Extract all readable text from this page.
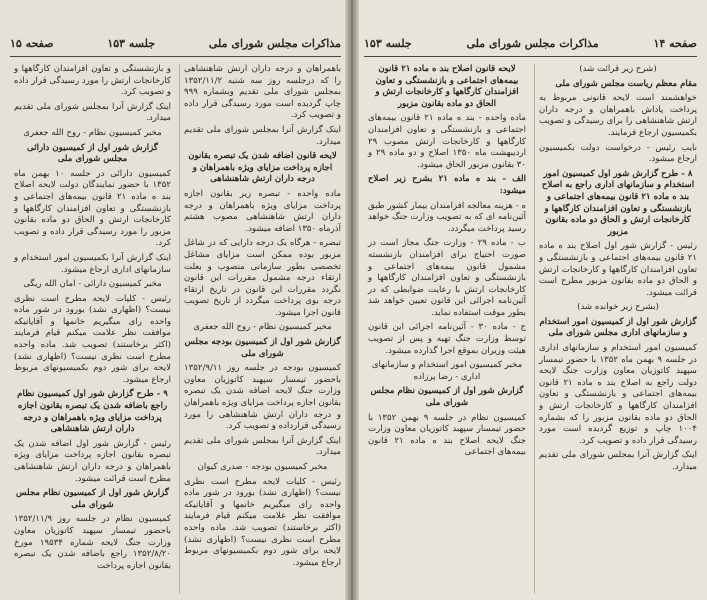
مذاکرات مجلس شورای ملی
جلسه ۱۵۳
صفحه ۱۵

باهمراهان و درجه داران ارتش شاهنشاهی را که درجلسه روز سه شنبه ۱۳۵۲/۱۱/۲ بمجلس شورای ملی تقدیم وبشماره ۹۹۹ چاپ گردیده است مورد رسیدگی قرار داده و تصویب کرد.

اینک گزارش آنرا بمجلس شورای ملی تقدیم میدارد.

لایحه قانون اضافه شدن یک تبصره بقانون اجازه پرداخت مزایای ویژه باهمراهان و درجه داران ارتش شاهنشاهی

ماده واحده - تبصره زیر بقانون اجازه پرداخت مزایای ویژه باهمراهان و درجه داران ارتش شاهنشاهی مصوب هشتم آذرماه ۱۳۵۰ اضافه میشود.

تبصره - هرگاه یک درجه دارایی که در شاغل مزبور بوده ممکن است مزایای مشاغل تخصصی بطور سازمانی منصوب و بعلت ارتقاء درجه مشمول مقررات این قانون نگردد مقررات این قانون در تاریخ ارتقاء درجه بوی پرداخت میگردد از تاریخ تصویب قانون اجرا میشود.

مخبر کمیسیون نظام - روح الله جعفری

گزارش شور اول از کمیسیون بودجه مجلس شورای ملی

کمیسیون بودجه در جلسه روز ۱۳۵۲/۹/۱۱ باحضور تیمسار سپهبد کاتوزیان معاون وزارت جنگ لایحه اضافه شدن یک تبصره بقانون اجازه پرداخت مزایای ویژه باهمراهان و درجه داران ارتش شاهنشاهی را مورد رسیدگی قرارداده و تصویب کرد.

اینک گزارش آنرا بمجلس شورای ملی تقدیم میدارد.

مخبر کمیسیون بودجه - صدری کیوان

رئیس - کلیات لایحه مطرح است نظری نیست؟ (اظهاری نشد) بورود در شور ماده واحده رای میگیریم خانمها و آقایانیکه موافقت نظر علامت میکنم قیام فرمایند (اکثر برخاستند) تصویب شد. ماده واحده مطرح است نظری نیست؟ (اظهاری نشد) لایحه برای شور دوم بکمیسیونهای مربوط ارجاع میشود.

و بازنشستگی و تعاون افزامندان کارگاهها و کارخانجات ارتش را مورد رسیدگی قرار داده و تصویب کرد.

اینک گزارش آنرا بمجلس شورای ملی تقدیم میدارد.

مخبر کمیسیون نظام - روح الله جعفری

گزارش شور اول از کمیسیون دارائی مجلس شورای ملی

کمیسیون دارائی در جلسه ۱۰ بهمن ماه ۱۳۵۲ با حضور نمایندگان دولت لایحه اصلاح بند ه ماده ۲۱ قانون بیمه‌های اجتماعی و بازنشستگی و تعاون افزامندان کارگاهها و کارخانجات ارتش و الحاق دو ماده بقانون مزبور را مورد رسیدگی قرار داده و تصویب کرد.

اینک گزارش آنرا بکمیسیون امور استخدام و سازمانهای اداری ارجاع میشود.

مخبر کمیسیون دارائی - امان الله ریگی

رئیس - کلیات لایحه مطرح است نظری نیست؟ (اظهاری نشد) بورود در شور ماده واحده رای میگیریم خانمها و آقایانیکه موافقت نظر علامت میکنم قیام فرمایند (اکثر برخاستند) تصویب شد. ماده واحده مطرح است نظری نیست؟ (اظهاری نشد) لایحه برای شور دوم بکمیسیونهای مربوط ارجاع میشود.

۹ - طرح گزارش شور اول کمیسیون نظام راجع باضافه شدن یک تبصره بقانون اجازه پرداخت مزایای ویژه باهمراهان و درجه داران ارتش شاهنشاهی

رئیس - گزارش شور اول اضافه شدن یک تبصره بقانون اجازه پرداخت مزایای ویژه باهمراهان و درجه داران ارتش شاهنشاهی مطرح است قرائت میشود.

گزارش شور اول از کمیسیون نظام مجلس شورای ملی

کمیسیون نظام در جلسه روز ۱۳۵۲/۱۱/۹ باحضور تیمسار سپهبد کاتوزیان معاون وزارت جنگ لایحه شماره ۱۹۵۳۴ مورخ ۱۳۵۲/۸/۲۰ راجع باضافه شدن یک تبصره بقانون اجازه پرداخت

صفحه ۱۴
مذاکرات مجلس شورای ملی
جلسه ۱۵۳

(شرح زیر قرائت شد)

مقام معظم ریاست مجلس شورای ملی

خواهشمند است لایحه قانونی مربوط به پرداخت پاداش باهمراهان و درجه داران ارتش شاهنشاهی را برای رسیدگی و تصویب بکمیسیون ارجاع فرمایند.

نایب رئیس - درخواست دولت بکمیسیون ارجاع میشود.

۸ - طرح گزارش شور اول کمیسیون امور استخدام و سازمانهای اداری راجع به اصلاح بند ه ماده ۲۱ قانون بیمه‌های اجتماعی و بازنشستگی و تعاون افزامندان کارگاهها و کارخانجات ارتش و الحاق دو ماده بقانون مزبور

رئیس - گزارش شور اول اصلاح بند ه ماده ۲۱ قانون بیمه‌های اجتماعی و بازنشستگی و تعاون افزامندان کارگاهها و کارخانجات ارتش و الحاق دو ماده بقانون مزبور مطرح است قرائت میشود.

(بشرح زیر خوانده شد)

گزارش شور اول از کمیسیون امور استخدام و سازمانهای اداری مجلس شورای ملی

کمیسیون امور استخدام و سازمانهای اداری در جلسه ۹ بهمن ماه ۱۳۵۲ با حضور تیمسار سپهبد کاتوزیان معاون وزارت جنگ لایحه دولت راجع به اصلاح بند ه ماده ۲۱ قانون بیمه‌های اجتماعی و بازنشستگی و تعاون افزامندان کارگاهها و کارخانجات ارتش و الحاق دو ماده بقانون مزبور را که بشماره ۱۰۰۴ چاپ و توزیع گردیده است مورد رسیدگی قرار داده و تصویب کرد.

اینک گزارش آنرا بمجلس شورای ملی تقدیم میدارد.

لایحه قانون اصلاح بند ه ماده ۲۱ قانون بیمه‌های اجتماعی و بازنشستگی و تعاون افزامندان کارگاهها و کارخانجات ارتش و الحاق دو ماده بقانون مزبور

ماده واحده - بند ه ماده ۲۱ قانون بیمه‌های اجتماعی و بازنشستگی و تعاون افزامندان کارگاهها و کارخانجات ارتش مصوب ۲۹ اردیبهشت ماه ۱۳۵۰ اصلاح و دو ماده ۲۹ و ۳۰ بقانون مزبور الحاق میشود.

الف - بند ه ماده ۲۱ بشرح زیر اصلاح میشود:

ه - هزینه معالجه افزامندان بیمار کشور طبق آئین‌نامه ای که به تصویب وزارت جنگ خواهد رسید پرداخت میگردد.

ب - ماده ۲۹ - وزارت جنگ مجاز است در صورت احتیاج برای افزامندان بازنشسته مشمول قانون بیمه‌های اجتماعی و بازنشستگی و تعاون افزامندان کارگاهها و کارخانجات ارتش با رعایت ضوابطی که در آئین‌نامه اجرائی این قانون تعیین خواهد شد بطور موقت استفاده نماید.

ج - ماده ۳۰ - آئین‌نامه اجرائی این قانون توسط وزارت جنگ تهیه و پس از تصویب هیئت وزیران بموقع اجرا گذارده میشود.

مخبر کمیسیون امور استخدام و سازمانهای اداری - رضا پرزاده

گزارش شور اول از کمیسیون نظام مجلس شورای ملی

کمیسیون نظام در جلسه ۹ بهمن ۱۳۵۲ با حضور تیمسار سپهبد کاتوزیان معاون وزارت جنگ لایحه اصلاح بند ه ماده ۲۱ قانون بیمه‌های اجتماعی
